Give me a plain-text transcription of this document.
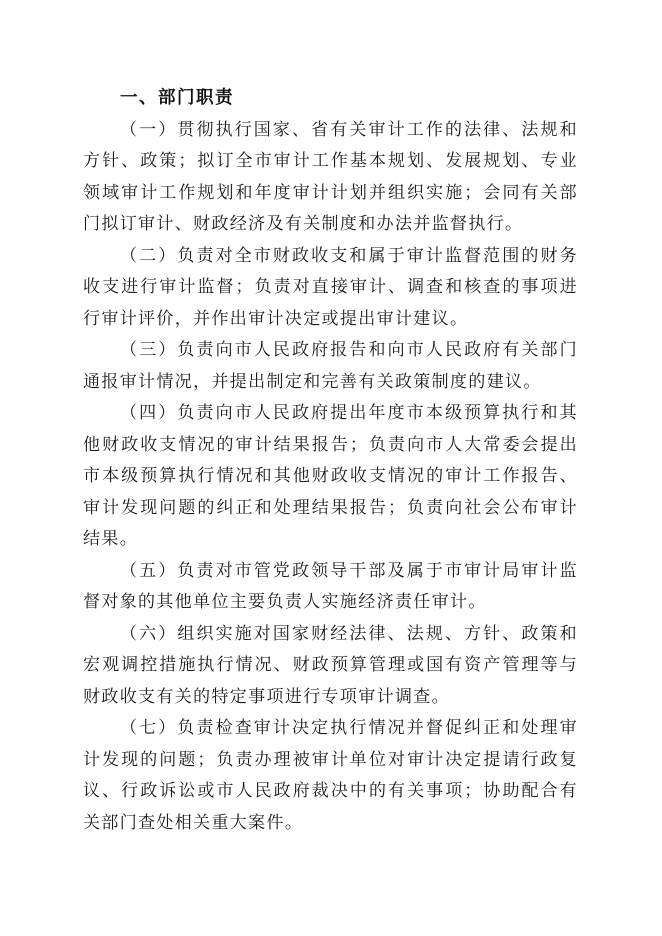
一、部门职责

（一）贯彻执行国家、省有关审计工作的法律、法规和方针、政策；拟订全市审计工作基本规划、发展规划、专业领域审计工作规划和年度审计计划并组织实施；会同有关部门拟订审计、财政经济及有关制度和办法并监督执行。

（二）负责对全市财政收支和属于审计监督范围的财务收支进行审计监督；负责对直接审计、调查和核查的事项进行审计评价，并作出审计决定或提出审计建议。

（三）负责向市人民政府报告和向市人民政府有关部门通报审计情况，并提出制定和完善有关政策制度的建议。

（四）负责向市人民政府提出年度市本级预算执行和其他财政收支情况的审计结果报告；负责向市人大常委会提出市本级预算执行情况和其他财政收支情况的审计工作报告、审计发现问题的纠正和处理结果报告；负责向社会公布审计结果。

（五）负责对市管党政领导干部及属于市审计局审计监督对象的其他单位主要负责人实施经济责任审计。

（六）组织实施对国家财经法律、法规、方针、政策和宏观调控措施执行情况、财政预算管理或国有资产管理等与财政收支有关的特定事项进行专项审计调查。

（七）负责检查审计决定执行情况并督促纠正和处理审计发现的问题；负责办理被审计单位对审计决定提请行政复议、行政诉讼或市人民政府裁决中的有关事项；协助配合有关部门查处相关重大案件。
